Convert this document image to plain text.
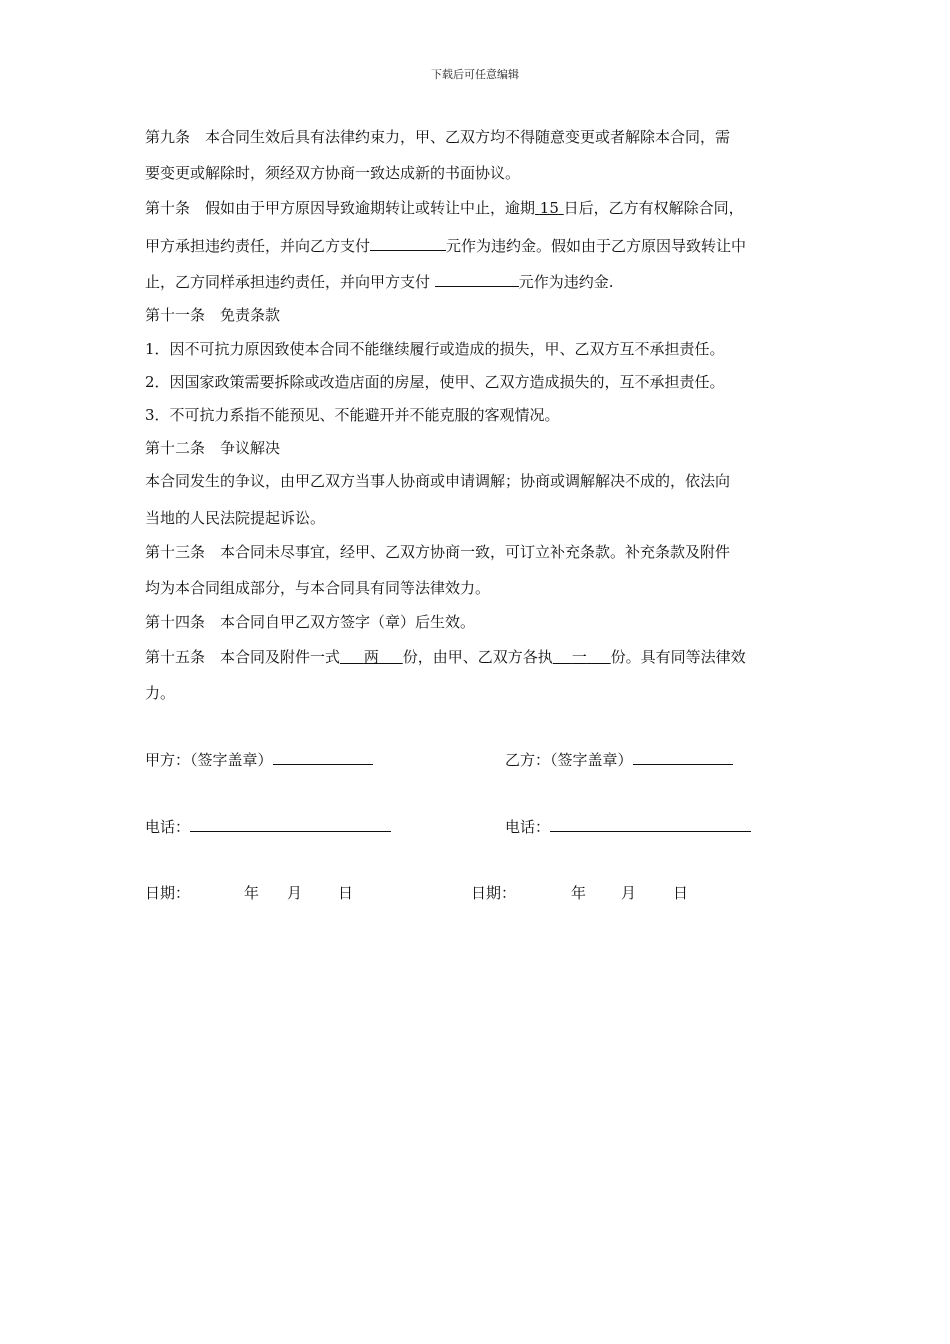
下载后可任意编辑
第九条　本合同生效后具有法律约束力，甲、乙双方均不得随意变更或者解除本合同，需
要变更或解除时，须经双方协商一致达成新的书面协议。
第十条　假如由于甲方原因导致逾期转让或转让中止，逾期 15 日后，乙方有权解除合同，
甲方承担违约责任，并向乙方支付	元作为违约金。假如由于乙方原因导致转让中
止，乙方同样承担违约责任，并向甲方支付	元作为违约金.
第十一条　免责条款
1．因不可抗力原因致使本合同不能继续履行或造成的损失，甲、乙双方互不承担责任。
2．因国家政策需要拆除或改造店面的房屋，使甲、乙双方造成损失的，互不承担责任。
3．不可抗力系指不能预见、不能避开并不能克服的客观情况。
第十二条　争议解决
本合同发生的争议，由甲乙双方当事人协商或申请调解；协商或调解解决不成的，依法向
当地的人民法院提起诉讼。
第十三条　本合同未尽事宜，经甲、乙双方协商一致，可订立补充条款。补充条款及附件
均为本合同组成部分，与本合同具有同等法律效力。
第十四条　本合同自甲乙双方签字（章）后生效。
第十五条　本合同及附件一式 两 份，由甲、乙双方各执 一 份。具有同等法律效
力。
甲方：（签字盖章）	乙方：（签字盖章）
电话：	电话：
日期：	年 月 日	日期：	年 月 日
